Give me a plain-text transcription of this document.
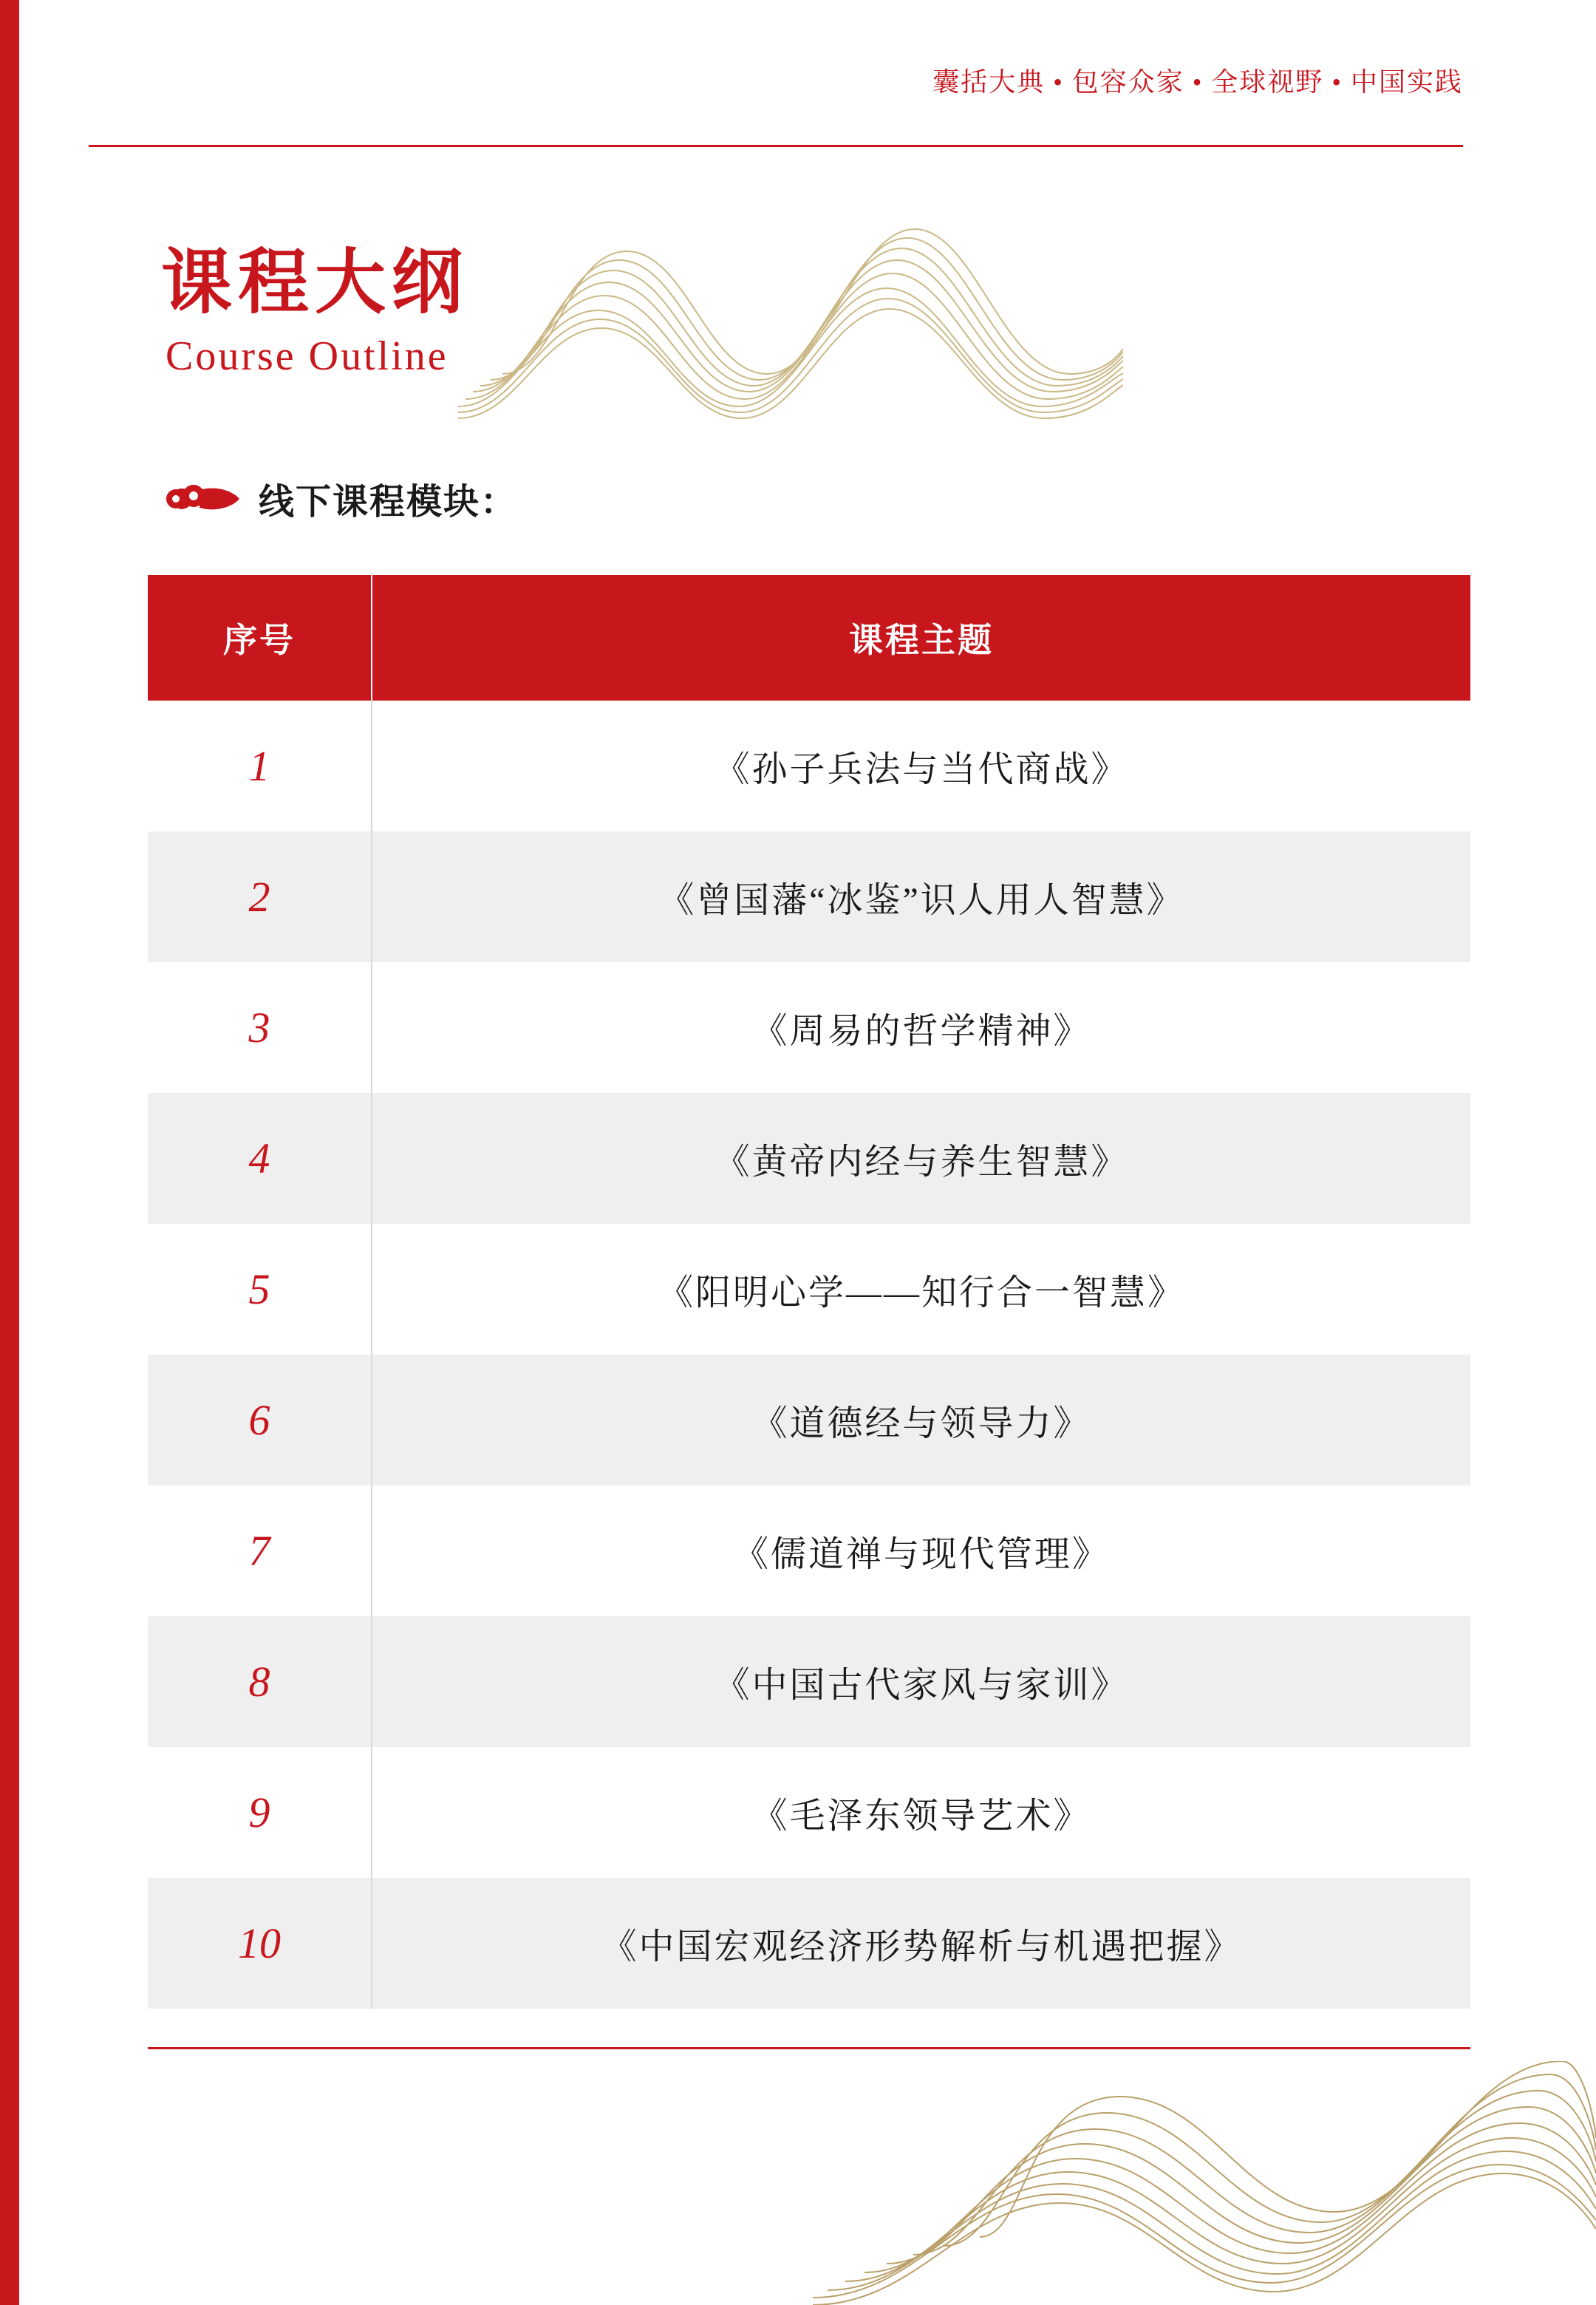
囊括大典 • 包容众家 • 全球视野 • 中国实践
课程大纲
Course Outline
线下课程模块：
序号	课程主题
1	《孙子兵法与当代商战》
2	《曾国藩“冰鉴”识人用人智慧》
3	《周易的哲学精神》
4	《黄帝内经与养生智慧》
5	《阳明心学——知行合一智慧》
6	《道德经与领导力》
7	《儒道禅与现代管理》
8	《中国古代家风与家训》
9	《毛泽东领导艺术》
10	《中国宏观经济形势解析与机遇把握》
